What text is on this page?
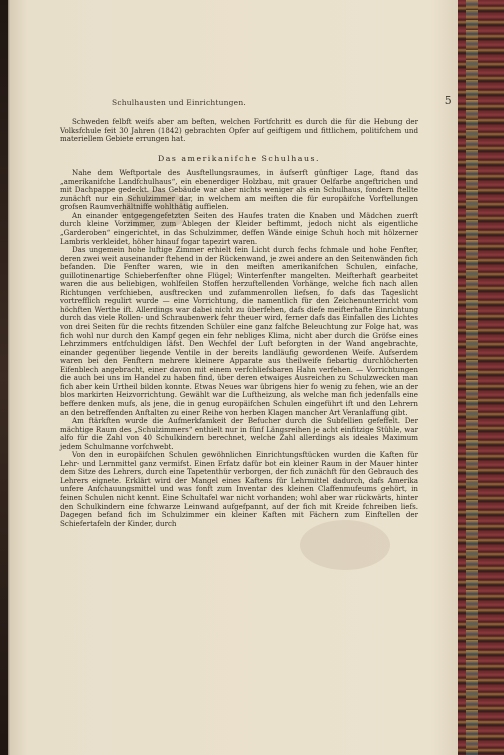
Schulhausten und Einrichtungen.	5

Schweden felbft weifs aber am beften, welchen Fortfchritt es durch die für die Hebung der Volksfchule feit 30 Jahren (1842) gebrachten Opfer auf geiftigem und fittlichem, politifchem und materiellem Gebiete errungen hat.

Das amerikanifche Schulhaus.

Nahe dem Weftportale des Ausftellungsraumes, in äufserft günftiger Lage, ftand das „amerikanifche Landfchulhaus“, ein ebenerdiger Holzbau, mit grauer Oelfarbe angeftrichen und mit Dachpappe gedeckt. Das Gebäude war aber nichts weniger als ein Schulhaus, fondern ftellte zunächft nur ein Schulzimmer dar, in welchem am meiften die für europäifche Vorftellungen grofsen Raumverhältniffe wohlthätig auffielen.

An einander entgegengefetzten Seiten des Haufes traten die Knaben und Mädchen zuerft durch kleine Vorzimmer, zum Ablegen der Kleider beftimmt, jedoch nicht als eigentliche „Garderoben“ eingerichtet, in das Schulzimmer, deffen Wände einige Schuh hoch mit hölzerner Lambris verkleidet, höher hinauf fogar tapezirt waren.

Das ungemein hohe luftige Zimmer erhielt fein Licht durch fechs fchmale und hohe Fenfter, deren zwei weit auseinander ftehend in der Rückenwand, je zwei andere an den Seitenwänden fich befanden. Die Fenfter waren, wie in den meiften amerikanifchen Schulen, einfache, guillotinenartige Schieberfenfter ohne Flügel; Winterfenfter mangelten. Meifterhaft gearbeitet waren die aus beliebigen, wohlfeilen Stoffen herzuftellenden Vorhänge, welche fich nach allen Richtungen verfchieben, ausftrecken und zufammenrollen liefsen, fo dafs das Tageslicht vortrefflich regulirt wurde — eine Vorrichtung, die namentlich für den Zeichenunterricht vom höchften Werthe ift. Allerdings war dabei nicht zu überfehen, dafs diefe meifterhafte Einrichtung durch das viele Rollen- und Schraubenwerk fehr theuer wird, ferner dafs das Einfallen des Lichtes von drei Seiten für die rechts fitzenden Schüler eine ganz falfche Beleuchtung zur Folge hat, was fich wohl nur durch den Kampf gegen ein fehr nebliges Klima, nicht aber durch die Gröfse eines Lehrzimmers entfchuldigen läfst. Den Wechfel der Luft beforgten in der Wand angebrachte, einander gegenüber liegende Ventile in der bereits landläufig gewordenen Weife. Aufserdem waren bei den Fenftern mehrere kleinere Apparate aus theilweife fiebartig durchlöcherten Eifenblech angebracht, einer davon mit einem verfchliefsbaren Hahn verfehen. — Vorrichtungen die auch bei uns im Handel zu haben find, über deren etwaiges Ausreichen zu Schulzwecken man fich aber kein Urtheil bilden konnte. Etwas Neues war übrigens hier fo wenig zu fehen, wie an der blos markirten Heizvorrichtung. Gewählt war die Luftheizung, als welche man fich jedenfalls eine beffere denken mufs, als jene, die in genug europäifchen Schulen eingeführt ift und den Lehrern an den betreffenden Anftalten zu einer Reihe von herben Klagen mancher Art Veranlaffung gibt.

Am ftärkften wurde die Aufmerkfamkeit der Befucher durch die Subfellien gefeffelt. Der mächtige Raum des „Schulzimmers“ enthielt nur in fünf Längsreihen je acht einfitzige Stühle, war alfo für die Zahl von 40 Schulkindern berechnet, welche Zahl allerdings als ideales Maximum jedem Schulmanne vorfchwebt.

Von den in europäifchen Schulen gewöhnlichen Einrichtungsftücken wurden die Kaften für Lehr- und Lernmittel ganz vermifst. Einen Erfatz dafür bot ein kleiner Raum in der Mauer hinter dem Sitze des Lehrers, durch eine Tapetenthür verborgen, der fich zunächft für den Gebrauch des Lehrers eignete. Erklärt wird der Mangel eines Kaftens für Lehrmittel dadurch, dafs Amerika unfere Anfchauungsmittel und was fonft zum Inventar des kleinen Claffenmufeums gehört, in feinen Schulen nicht kennt. Eine Schultafel war nicht vorhanden; wohl aber war rückwärts, hinter den Schulkindern eine fchwarze Leinwand aufgefpannt, auf der fich mit Kreide fchreiben liefs. Dagegen befand fich im Schulzimmer ein kleiner Kaften mit Fächern zum Einftellen der Schiefertafeln der Kinder, durch
